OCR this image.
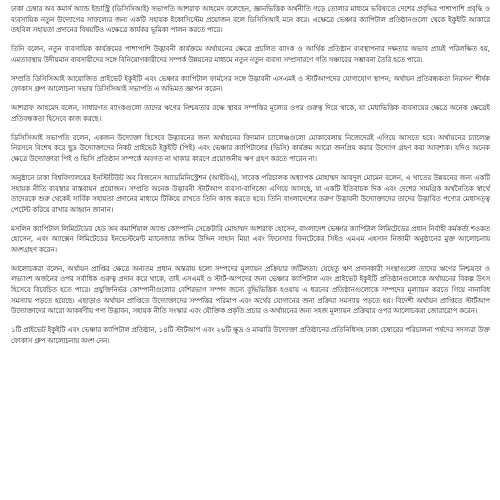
ঢাকা চেম্বার অব কমার্স অ্যান্ড ইন্ডাস্ট্রি (ডিসিসিআই) সভাপতি আশরাফ আহমেদ বলেছেন, জ্ঞানভিত্তিক অর্থনীতি গড়ে তোলার মাধ্যমে ভবিষ্যতে দেশের প্রবৃদ্ধির পাশাপাশি প্রবৃদ্ধি ও ব্যবসায়িক নতুন উদ্যোগের সাফল্যের জন্য একটি সহায়ক ইকোসিস্টেম প্রয়োজন বলে ডিসিসিআই মনে করে। এক্ষেত্রে ভেঞ্চার ক্যাপিটাল প্রতিষ্ঠানগুলো থেকে ইকুইটি আকারে তহবিল সহায়তা প্রদানের বিষয়টিও এক্ষেত্রে কার্যকর ভূমিকা পালন করতে পারে।

তিনি বলেন, নতুন ব্যবসায়িক কার্যক্রমের পাশাপাশি উদ্ভাবনী কার্যক্রমে অর্থায়নের ক্ষেত্রে প্রচলিত ব্যাংক ও আর্থিক প্রতিষ্ঠান ব্যবস্থাপনার দক্ষতার অভাব প্রায়ই পরিলক্ষিত হয়, এমতাবস্থায় উদীয়মান ব্যবসায়ীদের সঙ্গে বিনিয়োগকারীদের সম্পর্ক উন্নয়নের মাধ্যমে নতুন নতুন ব্যবসা সম্প্রসারণে গতি সঞ্চারের সম্ভাবনা তৈরি হতে পারে।

সম্প্রতি ডিসিসিআই আয়োজিত প্রাইভেট ইকুইটি এবং ভেঞ্চার ক্যাপিটাল ফার্মসের সঙ্গে উদ্ভাবনী এসএমই ও স্টার্টআপদের যোগাযোগ স্থাপন; অর্থায়ন প্রতিবন্ধকতা নিরসন' শীর্ষক ফোকাস গ্রুপ আলোচনা সভায় ডিসিসিআই সভাপতি এ অভিমত জ্ঞাপন করেন।

আশরাফ আহমেদ বলেন, সাধারণত ব্যাংকগুলো তাদের ঋণের নিশ্চয়তার রক্ষে স্থাবর সম্পত্তির মূল্যের ওপর গুরুত্ব দিয়ে থাকে, যা মেধাভিত্তিক ব্যবসায়ের ক্ষেত্রে অনেক ক্ষেত্রেই প্রতিবন্ধকতা হিসেবে কাজ করছে।

ডিসিসিআই সভাপতি বলেন, একজন উদ্যোক্তা হিসেবে উদ্ভাবনের জন্য অর্থায়নের বিদ্যমান চ্যালেঞ্জগুলো মোকাবেলায় নিজেদেরই এগিয়ে আসতে হবে। অর্থায়নের চ্যালেঞ্জ নিরসনে বিশেষ করে ছুদ্র উদ্যোক্তাদের নিকট প্রাইভেট ইকুইটি (পিই) এবং ভেঞ্চার ক্যাপিটালের (ভিসি) কার্যক্রম আরো জনপ্রিয় করার উদ্যোগ গ্রহণ করা আবশ্যক। যদিও অনেক ক্ষেত্রে উদ্যোক্তারা পিই ও ভিসি প্রতিষ্ঠান সম্পর্কে অবগত না থাকার কারণে প্রয়োজনীয় ঋণ গ্রহণ করতে পারেন না।

অনুষ্ঠানে ঢাকা বিশ্ববিদ্যালয়ের ইনস্টিটিউট অব বিজনেস অ্যাডমিনিস্ট্রেশন (আইবিএ), সাবেক পরিচালক অধ্যাপক মোহাম্মদ আবদুল মোমেন বলেন, এ খাতের উন্নয়নের জন্য একটি সহায়ক নীতি ব্যবস্থার বাস্তবায়ন প্রয়োজন। সম্প্রতি অনেক উদ্ভাবনী স্টার্টআপ ব্যবসা-বাণিজ্যে এগিয়ে আসছে, যা একটি ইতিবাচক দিক এবং দেশের সামগ্রিক অর্থনৈতিক স্বার্থে তাদেরকে শুরু থেকেই সার্বিক সহায়তা প্রদানের মাধ্যমে টিকিয়ে রাখতে তিনি কাজ করতে হবে। তিনি বাংলাদেশের তরুণ উদ্ভাবনী উদ্যোক্তাদের তাদের উদ্ভাবিত পণ্যের মেধাসত্ত্ব পেটেন্ট করিয়ে রাখার আহ্বান জানান।

মসলিন ক্যাপিটাল লিমিটেডের হেড অব কমার্শিয়াল অ্যান্ড কোম্পানি সেক্রেটারি মোহাম্মদ আশরাফ হোসেন, বাংলাদেশ ভেঞ্চার ক্যাপিটাল লিমিটেডের প্রধান নির্বাহী কর্মকর্তা শওকত হোসেন, এবং অ্যাক্সেন লিমিটেডের ইনভেস্টমেন্ট ম্যানেজার জসিম উদ্দিন সাহান মিয়া এবং ফিনেসার ফিনটেকের সিইও এমএম এহসান নিজামী অনুষ্ঠানের মুক্ত আলোচনায় অংশগ্রহণ করেন।

আলোচকরা বলেন, অর্থায়ন প্রাপ্তির ক্ষেত্রে অন্যতম প্রধান অন্তরায় হলো সম্পদের মূল্যায়ন প্রক্রিয়ার জটিলতা। যেহেতু ঋণ প্রদানকারী সংস্থাগুলো তাদের ঋণের নিশ্চয়তা ও লভ্যাংশ অর্জনের ওপর সর্বাধিক গুরুত্ব প্রদান করে থাকে, তাই এসএমই ও স্টার্ট-আপদের জন্য ভেঞ্চার ক্যাপিটাল এবং প্রাইভেট ইকুইটি প্রতিষ্ঠানগুলোকে অর্থায়নের বিকল্প উৎস হিসেবে বিবেচিত হতে পারে। প্রযুক্তিনির্ভর কোম্পানীগুলোর বেশিরভাগ সম্পদ জন্যে বুদ্ধিভিত্তিক হওয়ায় এ ধরনের প্রতিষ্ঠানগুলোকে সম্পদের মূল্যায়ন করতে গিয়ে নানাবিধ সমস্যায় পড়তে হয়েছে। এছাড়াও অর্থায়ন প্রাপ্তিতে উদ্যোক্তাদের সম্পত্তির পরিমাপ এবং অর্থের যোগানের জন্য প্রক্রিয়া সমস্যায় পড়তে হয়। বিদেশী অর্থায়ন প্রাপ্তিতে স্টার্টআপ উদ্যোক্তাদের আরো আকর্ষণীয় পণ্য উদ্ভাবন, সহায়ক নীতি সংস্কার এবং যৌক্তিক প্রকৃতি প্রচার ও অর্থায়নের জন্য সহজ মূল্যায়ন প্রক্রিয়ার ওপর আলোচকরা জোরারোপ করেন।

১টি প্রাইভেট ইকুইটি এবং ভেঞ্চার ক্যাপিটাল প্রতিষ্ঠান, ১৪টি স্টার্টআপ এবং ২৬টি ক্ষুদ্র ও মাঝারি উদ্যোক্তা প্রতিষ্ঠানের প্রতিনিধিসহ ঢাকা চেম্বারের পরিচালনা পর্ষদের সদস্যরা উক্ত ফোকাস গ্রুপ আলোচনায় অংশ নেন।
